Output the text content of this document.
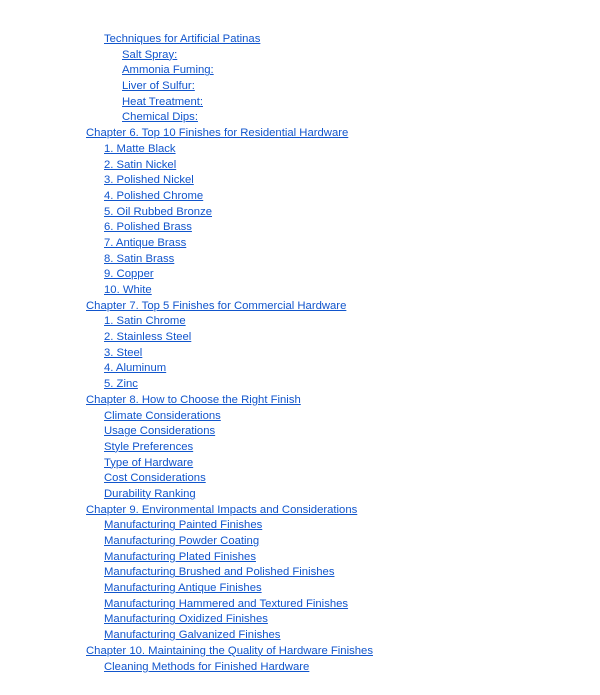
Techniques for Artificial Patinas
Salt Spray:
Ammonia Fuming:
Liver of Sulfur:
Heat Treatment:
Chemical Dips:
Chapter 6. Top 10 Finishes for Residential Hardware
1. Matte Black
2. Satin Nickel
3. Polished Nickel
4. Polished Chrome
5. Oil Rubbed Bronze
6. Polished Brass
7. Antique Brass
8. Satin Brass
9. Copper
10. White
Chapter 7. Top 5 Finishes for Commercial Hardware
1. Satin Chrome
2. Stainless Steel
3. Steel
4. Aluminum
5. Zinc
Chapter 8. How to Choose the Right Finish
Climate Considerations
Usage Considerations
Style Preferences
Type of Hardware
Cost Considerations
Durability Ranking
Chapter 9. Environmental Impacts and Considerations
Manufacturing Painted Finishes
Manufacturing Powder Coating
Manufacturing Plated Finishes
Manufacturing Brushed and Polished Finishes
Manufacturing Antique Finishes
Manufacturing Hammered and Textured Finishes
Manufacturing Oxidized Finishes
Manufacturing Galvanized Finishes
Chapter 10. Maintaining the Quality of Hardware Finishes
Cleaning Methods for Finished Hardware
